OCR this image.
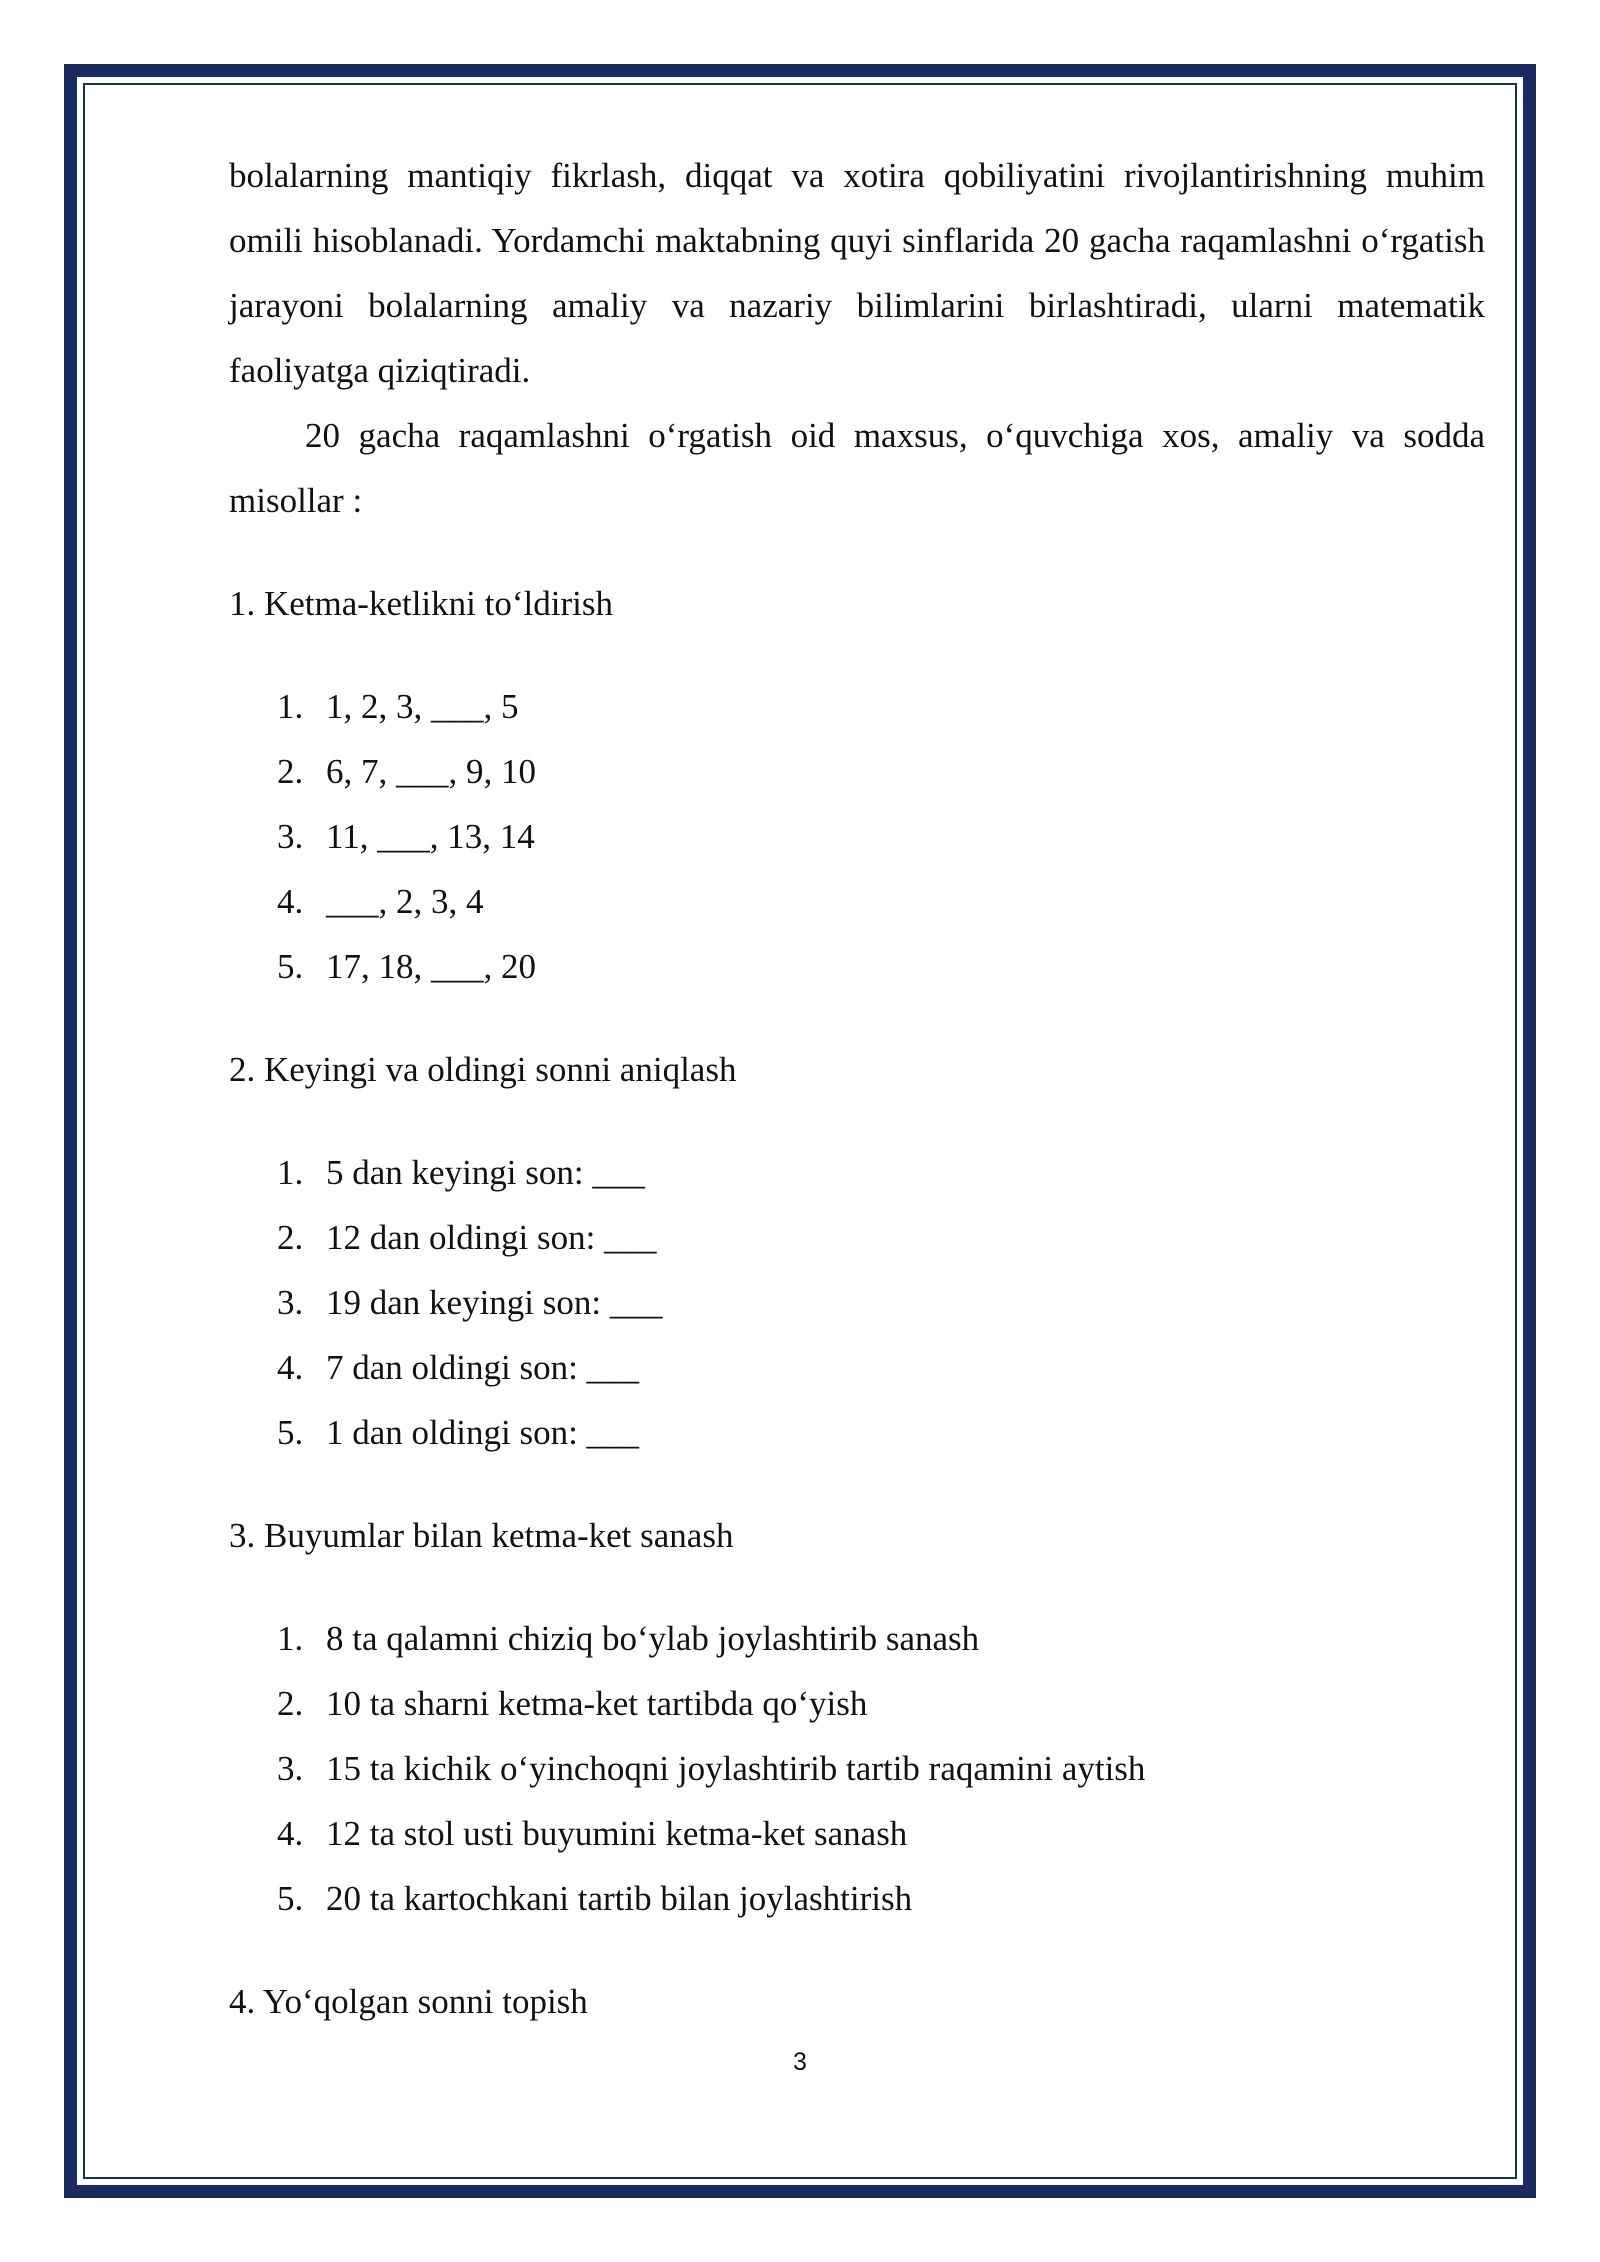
bolalarning mantiqiy fikrlash, diqqat va xotira qobiliyatini rivojlantirishning muhim omili hisoblanadi. Yordamchi maktabning quyi sinflarida 20 gacha raqamlashni o‘rgatish jarayoni bolalarning amaliy va nazariy bilimlarini birlashtiradi, ularni matematik faoliyatga qiziqtiradi.

20 gacha raqamlashni o‘rgatish oid maxsus, o‘quvchiga xos, amaliy va sodda misollar :

1. Ketma-ketlikni to‘ldirish

1. 1, 2, 3, ___, 5
2. 6, 7, ___, 9, 10
3. 11, ___, 13, 14
4. ___, 2, 3, 4
5. 17, 18, ___, 20

2. Keyingi va oldingi sonni aniqlash

1. 5 dan keyingi son: ___
2. 12 dan oldingi son: ___
3. 19 dan keyingi son: ___
4. 7 dan oldingi son: ___
5. 1 dan oldingi son: ___

3. Buyumlar bilan ketma-ket sanash

1. 8 ta qalamni chiziq bo‘ylab joylashtirib sanash
2. 10 ta sharni ketma-ket tartibda qo‘yish
3. 15 ta kichik o‘yinchoqni joylashtirib tartib raqamini aytish
4. 12 ta stol usti buyumini ketma-ket sanash
5. 20 ta kartochkani tartib bilan joylashtirish

4. Yo‘qolgan sonni topish

3
